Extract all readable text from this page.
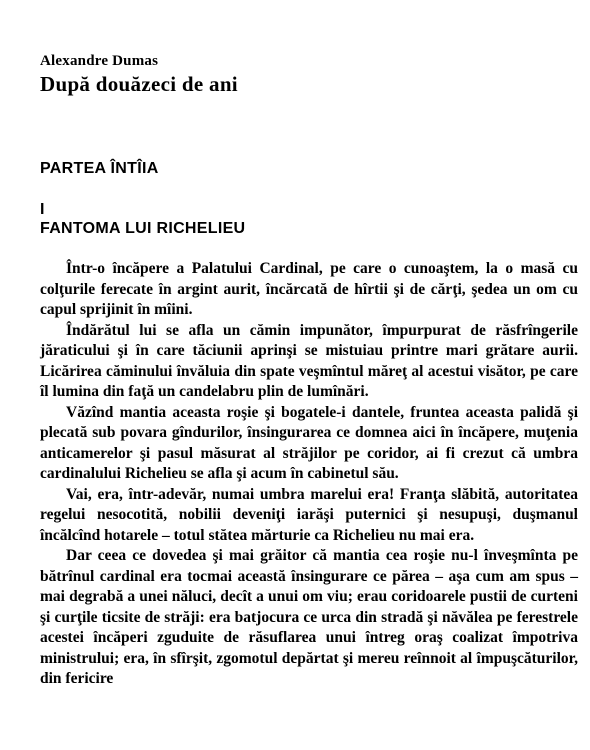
Alexandre Dumas
După douăzeci de ani
PARTEA ÎNTÎIA
I
FANTOMA LUI RICHELIEU

Într-o încăpere a Palatului Cardinal, pe care o cunoaştem, la o masă cu colţurile ferecate în argint aurit, încărcată de hîrtii şi de cărţi, şedea un om cu capul sprijinit în mîini.

Îndărătul lui se afla un cămin impunător, împurpurat de răsfrîngerile jăraticului şi în care tăciunii aprinşi se mistuiau printre mari grătare aurii. Licărirea căminului învăluia din spate veşmîntul măreţ al acestui visător, pe care îl lumina din faţă un candelabru plin de lumînări.

Văzînd mantia aceasta roşie şi bogatele-i dantele, fruntea aceasta palidă şi plecată sub povara gîndurilor, însingurarea ce domnea aici în încăpere, muţenia anticamerelor şi pasul măsurat al străjilor pe coridor, ai fi crezut că umbra cardinalului Richelieu se afla şi acum în cabinetul său.

Vai, era, într-adevăr, numai umbra marelui era! Franţa slăbită, autoritatea regelui nesocotită, nobilii deveniţi iarăşi puternici şi nesupuşi, duşmanul încălcînd hotarele – totul stătea mărturie ca Richelieu nu mai era.

Dar ceea ce dovedea şi mai grăitor că mantia cea roşie nu-l înveşmînta pe bătrînul cardinal era tocmai această însingurare ce părea – aşa cum am spus – mai degrabă a unei năluci, decît a unui om viu; erau coridoarele pustii de curteni şi curţile ticsite de străji: era batjocura ce urca din stradă şi năvălea pe ferestrele acestei încăperi zguduite de răsuflarea unui întreg oraş coalizat împotriva ministrului; era, în sfîrşit, zgomotul depărtat şi mereu reînnoit al împuşcăturilor, din fericire
